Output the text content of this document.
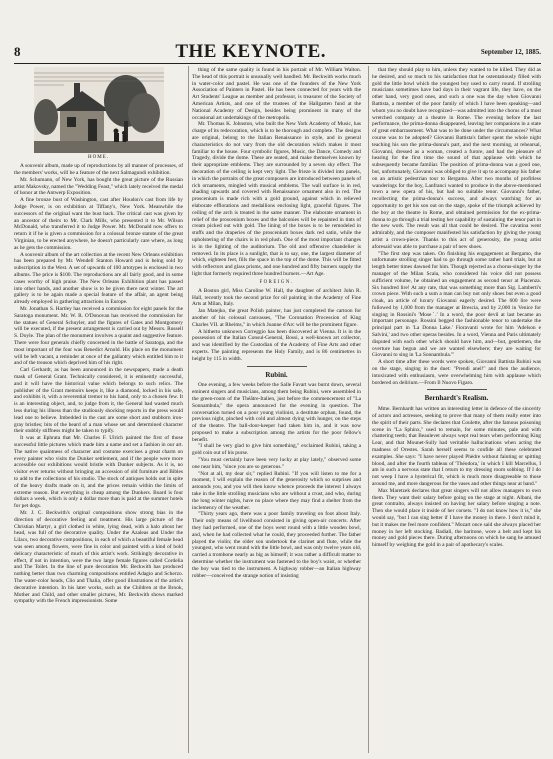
8	THE KEYNOTE.	September 12, 1885.
HOME.

A souvenir album, made up of reproductions by all manner of processes, of the members' works, will be a feature of the next Salmagundi exhibition.

Mr. Schumann, of New York, has bought the great picture of the Russian artist Makovsky, named the "Wedding Feast," which lately received the medal of honor at the Antwerp Exposition.

A fine bronze bust of Washington, cast after Houdon's cast from life by Jodge Power, is on exhibition at Tiffany's, New York. Meanwhile the successors of the original want the bust back. The critical cast was given by an ancestor of theirs to Mr. Clark Mills, who presented it to Mr. Wilson McDonald, who transferred it to Judge Power. Mr. McDonald now offers to return it if he is given a commission for a colossal bronze statute of the great Virginian, to be erected anywhere, he doesn't particularly care where, as long as he gets the commission.

A souvenir album of the art collection at the recent New Orleans exhibition has been prepared by Mr. Wendell Stanton Howard and is being sold by subscription in the West. A set of upwards of 100 artotypes is enclosed in two albums. The price is $100. The reproductions are all fairly good, and in some cases worthy of high praise. The New Orleans Exhibition plant has passed into other hands, and another show is to be given there next winter. The art gallery is to be again made a special feature of the affair, an agent being already employed in gathering attractions in Europe.

Mr. Jonathan S. Hartley has received a commission for eight panels for the Saratoga monument. Mr. W. R. O'Donovan has received the commission for the statues of General Schuyler, and the figures of Gates and Montgomery will be executed, if the present arrangement is carried out by Messrs. Russell S. Doyle. The plan of the monument involves a quaint and suggestive feature. There were four generals chiefly concerned in the battle of Saratoga, and the most important of the four was Benedict Arnold. His place on the monument will be left vacant, a reminder at once of the gallantry which entitled him to it and of the treason which deprived him of his right.

Carl Gerhardt, as has been announced in the newspapers, made a death mask of General Grant. Technically considered, it is eminently successful, and it will have the historical value which belongs to such relics. The publisher of the Grant memoirs keeps it, like a diamond, locked in his safe, and exhibits it, with a reverential tremor to his hand, only to a chosen few. It is an interesting object, and, to judge from it, the General had wasted much less during his illness than the studiously shocking reports in the press would lead one to believe. Imbedded in the cast are some short and stubborn iron-gray bristles; bits of the beard of a man whose set and determined character their stubbly stiffness might be taken to typify.

It was at Ephrata that Mr. Charles F. Ulrich painted the first of those successful little pictures which made him a name and set a fashion in our art. The native quaintness of character and costume exercises a great charm on every painter who visits the Dunker settlement, and if the people were more accessible our exhibitions would bristle with Dunker subjects. As it is, no visitor ever returns without bringing an accession of old furniture and Bibles to add to the collections of his studio. The stock of antiques holds out in spite of the heavy drafts made on it, and the prices remain within the limits of extreme reason. But everything is cheap among the Dunkers. Board is four dollars a week, which is only a dollar more than is paid at the summer hotels for pet dogs.

Mr. J. C. Beckwith's original compositions show strong bias in the direction of decorative feeling and treatment. His large picture of the Christian Martyr, a girl clothed in white, lying dead, with a halo about her head, was full of the decorative quality. Under the Azaleas and Under the Lilacs, two decorative compositions, in each of which a beautiful female head was seen among flowers, were fine in color and painted with a kind of bold delicacy characteristic of much of this artist's work. Strikingly decorative in effect, if not in intention, were the two large female figures called Cordelia and The Toilet. In the line of pure decoration Mr. Beckwith has produced nothing better than two charming compositions entitled Adagio and Scherzo. The water-color heads, Clio and Thalia, offer good illustrations of the artist's decorative intention. In his later works, such as the Children at the Brook, Mother and Child, and other smaller pictures, Mr. Beckwith shows marked sympathy with the French impressionists. Some

thing of the same quality is found in his portrait of Mr. William Walton. The head of this portrait is unusually well handled. Mr. Beckwith works much in water-color and pastel. He was one of the founders of the New York Association of Painters in Pastel. He has been connected for years with the Art Students' League as member and professor, is treasurer of the Society of American Artists, and one of the trustees of the Hallgarten fund at the National Academy of Design, besides being prominent in many of the occasional art undertakings of the metropolis.

Mr. Thomas K. Johnston, who built the New York Academy of Music, has charge of its redecoration, which is to be thorough and complete. The designs are original, belong to the Italian Renaissance in style, and in general characteristics do not vary from the old decoration which makes it most familiar to the house. Four symbolic figures, Music, the Dance, Comedy and Tragedy, divide the dome. These are seated, and make themselves known by their appropriate emblems. They are surrounded by a seven sky effect. The decoration of the ceiling is kept very light. The frieze is divided into panels, in which the portraits of the great composers are introduced between panels of rich ornaments, mingled with musical emblems. The wall surface is in red, shading upwards and covered with Renaissance ornament also in red. The proscenium is made rich with a gold ground, against which in relieved elaborate efflorations and medallions enclosing light, graceful figures. The ceiling of the arch is treated in the same manner. The elaborate ornament in relief of the proscenium boxes and the balconies will be repainted in tints of cream picked out with gold. The lining of the boxes is to be remodeled in stuffs and the draperies of the proscenium boxes dark red satin, while the upholstering of the chairs is in red plush. One of the most important changes is in the lighting of the auditorium. The old and offensive chandelier is removed. In its place is a sunlight, that is to say, one, the largest diameter of which, eighteen feet, fills the space in the top of the dome. This will be fitted with reflectors and glass prisms, and one hundred and fifty burners supply the light that formerly required three hundred burners.—Art Age.

FOREIGN.

A Boston girl, Miss Caroline W. Hall, the daughter of architect John R. Hall, recently took the second prize for oil painting in the Academy of Fine Arts at Milan, Italy.

Jan Matejko, the great Polish painter, has just completed the cartoon for another of his colossal canvasses, "The Coronation Procession of King Charles VII. at Rheims," in which Joanne d'Arc will be the prominent figure.

A hitherto unknown Correggio has been discovered at Vienna. It is in the possession of the Italian Consul-General, Bossi, a well-known art collector, and was identified by the Custodian of the Academy of Fine Arts and other experts. The painting represents the Holy Family, and is 86 centimetres in height by 115 in width.

Rubini.

One evening, a few weeks before the Salle Favart was burnt down, several eminent singers and musicians, among them being Rubini, were assembled in the green-room of the Théâtre-Italien, just before the commencement of "La Sonnambula," the opera announced for the evening in question. The conversation turned on a poor young violinist, a destitute orphan, found, the previous night, pinched with cold and almost dying with hunger, on the steps of the theatre. The ball-door-keeper had taken him in, and it was now proposed to make a subscription among the artists for the poor fellow's benefit.

"I shall be very glad to give him something," exclaimed Rubini, taking a gold coin out of his purse.

"You must certainly have been very lucky at play lately," observed some one near him, "since you are so generous."

"Not at all, my dear sir," replied Rubini. "If you will listen to me for a moment, I will explain the reason of the generosity which so surprises and astounds you, and you will then know whence proceeds the interest I always take in the little strolling musicians who are without a crust, and who, during the long winter nights, have no place where they may find a shelter from the inclemency of the weather.

"Thirty years ago, there was a poor family traveling on foot about Italy. Their only means of livelihood consisted in giving open-air concerts. After they had performed, one of the boys went round with a little wooden bowl, and, when he had collected what he could, they proceeded further. The father played the violin; the older son undertook the clarinet and flute, while the youngest, who went round with the little bowl, and was only twelve years old, carried a trombone nearly as big as himself; it was rather a difficult matter to determine whether the instrument was fastened to the boy's waist, or whether the boy was tied to the instrument. A highway robber—an Italian highway robber—conceived the strange notion of insisting

that they should play to him, unless they wanted to be killed. They did as he desired, and so much to his satisfaction that he ostentatiously filled with gold the little bowl which the youngest boy used to carry round. If strolling musicians sometimes have bad days in their vagrant life, they have, on the other hand, very good ones, and such a one was the day when Giovanni Battista, a member of the poor family of which I have been speaking—and whom you no doubt have recognized—was admitted into the chorus of a most wretched company at a theatre in Rome. The evening before the last performance, the prima-donna disappeared, leaving her companions in a state of great embarrassment. What was to be done under the circumstances? What course was to be adopted? Giovanni Battista's father spent the whole night teaching his son the prima-donna's part, and the next morning, at rehearsal, Giovanni, dressed as a woman, created a furore, and had the pleasure of hearing for the first time the sound of that applause with which he subsequently became familiar. The position of prima-donna was a good one, but, unfortunately, Giovanni was obliged to give it up to accompany his father on an artistic pedestrian tour to Bergamo. After two months of profitless wanderings for the boy, Lanfranci wanted to produce in the above-mentioned town a new opera of his, but had no suitable tenor. Giovanni's father, recollecting the prima-donna's success, and always watching for an opportunity to get his son out on the stage, spoke of the triumph achieved by the boy at the theatre in Rome, and obtained permission for the ex-prima-donna to go through a trial testing her capability of sustaining the tenor part in the new work. The result was all that could be desired. The cavatina went admirably, and the composer manifested his satisfaction by giving the young artist a crown-piece. Thanks to this act of generosity, the young artist aforesaid was able to purchase a pair of new shoes.

"The first step was taken. On finishing his engagement at Bergamo, the unfortunate strolling singer had to go through some rather hard trials, but at length better times dawned for him. Though rejected as a chorus-singer by the manager of the Milan Scala, who considered his voice did not possess sufficient volume, he obtained an engagement as second tenor at Piacenza. Six hundred lire! At any rate, that was something more than Sig. Lamberti's crown piece. With such a sum a man can buy not only shoes but even a good cloak, an article of luxury Giovanni eagerly desired. The 600 lire were followed by 1,000 from the manager at Brescia, and by 2,000 in Venice for singing in Rossini's 'Moseˊ.' In a word, the poor devil at last became an important personage. Rossini begged the fashionable tenor to undertake the principal part in 'La Donna Lake.' Fioravanti wrote for him 'Adelson e Salvini,' and two other operas besides. In a word, Vienna and Paris ultimately disputed with each other which should have him, and—but, gentlemen, the overture has begun and we are wanted elsewhere; they are waiting for Giovanni to sing in 'La Sonnambula.'"

A short time after these words were spoken, Giovanni Battista Rubini was on the stage, singing in the duet: "Prendi anel!" and then the audience, intoxicated with enthusiasm, were overwhelming him with applause which bordered on delirium.—From Il Nuovo Figaro.

Bernhardt's Realism.

Mme. Bernhardt has written an interesting letter in defence of the sincerity of actors and actresses, seeking to prove that many of them really enter into the spirit of their parts. She declares that Coulette, after the famous poisoning scene in "La Sphinx," used to remain, for some minutes, pale and with chattering teeth; that Beaulevet always wept real tears when performing King Lear, and that Mounet-Sully had veritable hallucinations when acting the madness of Orestes. Sarah herself seems to confide all these celebrated examples. She says: "I have never played Phèdre without fainting or spitting blood, and after the fourth tableau of 'Théodora,' in which I kill Marcellus, I am in such a nervous state that I return to my dressing room sobbing. If I do not weep I have a hysterical fit, which is much more disagreeable to those around me, and more dangerous for the vases and other things near at hand."

Max Maretzek declares that great singers will not allow managers to own them. They want their salary before going on the stage at night. Albani, the great contralto, always insisted on having her salary before singing a note. Then she would place it inside of her corsets. "I do not know how it is," she would say, "but I can sing better if I have the money in there. I don't mind it, but it makes me feel more confident." Mozart once said she always placed her money in her left stocking. Badiali, the baritone, wore a belt and kept his money and gold pieces there. During afternoons on which he sang he amused himself by weighing the gold in a pair of apothecary's scales.
